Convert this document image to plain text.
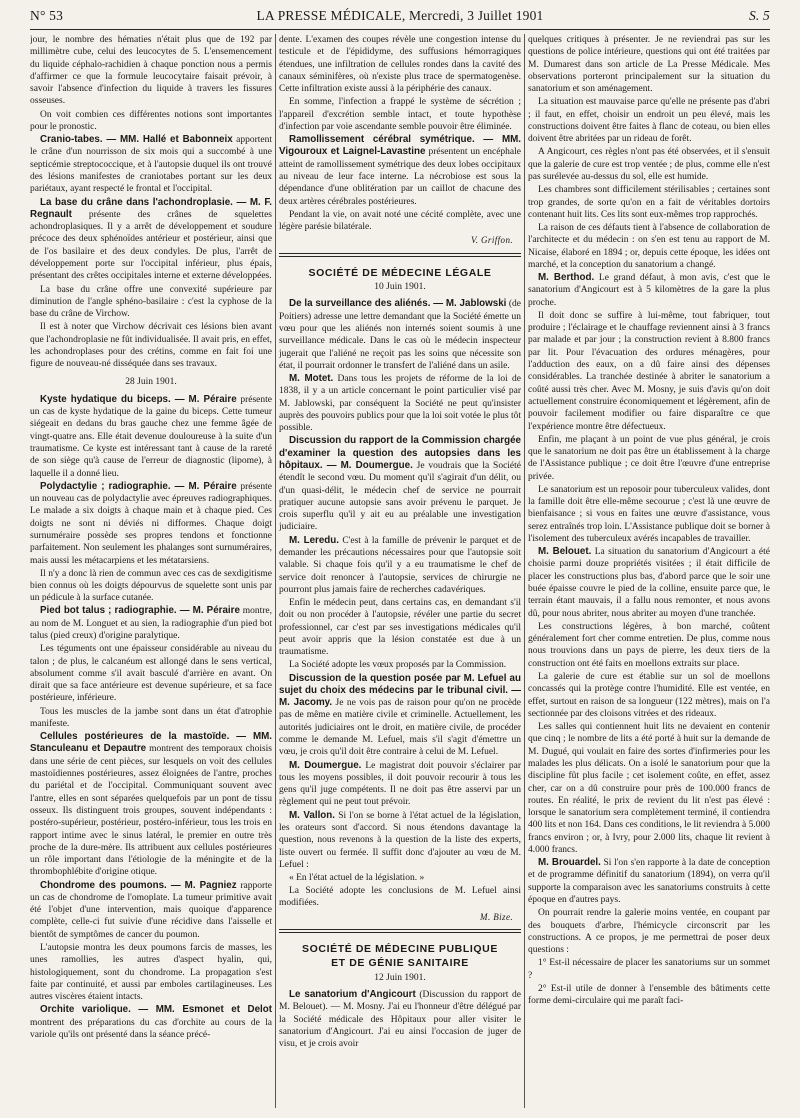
N° 53	LA PRESSE MÉDICALE, Mercredi, 3 Juillet 1901	S. 5

jour, le nombre des hématies n'était plus que de 192 par millimètre cube, celui des leucocytes de 5. L'ensemencement du liquide céphalo-rachidien à chaque ponction nous a permis d'affirmer ce que la formule leucocytaire faisait prévoir, à savoir l'absence d'infection du liquide à travers les fissures osseuses.

On voit combien ces différentes notions sont importantes pour le pronostic.

Cranio-tabes. — MM. Hallé et Babonneix apportent le crâne d'un nourrisson de six mois qui a succombé à une septicémie streptococcique, et à l'autopsie duquel ils ont trouvé des lésions manifestes de craniotabes portant sur les deux pariétaux, ayant respecté le frontal et l'occipital.

La base du crâne dans l'achondroplasie. — M. F. Regnault présente des crânes de squelettes achondroplasiques. Il y a arrêt de développement et soudure précoce des deux sphénoïdes antérieur et postérieur, ainsi que de l'os basilaire et des deux condyles. De plus, l'arrêt de développement porte sur l'occipital inférieur, plus épais, présentant des crêtes occipitales interne et externe développées.

La base du crâne offre une convexité supérieure par diminution de l'angle sphéno-basilaire : c'est la cyphose de la base du crâne de Virchow.

Il est à noter que Virchow décrivait ces lésions bien avant que l'achondroplasie ne fût individualisée. Il avait pris, en effet, les achondroplases pour des crétins, comme en fait foi une figure de nouveau-né disséquée dans ses travaux.

28 Juin 1901.

Kyste hydatique du biceps. — M. Péraire présente un cas de kyste hydatique de la gaine du biceps. Cette tumeur siégeait en dedans du bras gauche chez une femme âgée de vingt-quatre ans. Elle était devenue douloureuse à la suite d'un traumatisme. Ce kyste est intéressant tant à cause de la rareté de son siège qu'à cause de l'erreur de diagnostic (lipome), à laquelle il a donné lieu.

Polydactylie ; radiographie. — M. Péraire présente un nouveau cas de polydactylie avec épreuves radiographiques. Le malade a six doigts à chaque main et à chaque pied. Ces doigts ne sont ni déviés ni difformes. Chaque doigt surnuméraire possède ses propres tendons et fonctionne parfaitement. Non seulement les phalanges sont surnuméraires, mais aussi les métacarpiens et les métatarsiens.

Il n'y a donc là rien de commun avec ces cas de sexdigitisme bien connus où les doigts dépourvus de squelette sont unis par un pédicule à la surface cutanée.

Pied bot talus ; radiographie. — M. Péraire montre, au nom de M. Longuet et au sien, la radiographie d'un pied bot talus (pied creux) d'origine paralytique.

Les téguments ont une épaisseur considérable au niveau du talon ; de plus, le calcanéum est allongé dans le sens vertical, absolument comme s'il avait basculé d'arrière en avant. On dirait que sa face antérieure est devenue supérieure, et sa face postérieure, inférieure.

Tous les muscles de la jambe sont dans un état d'atrophie manifeste.

Cellules postérieures de la mastoïde. — MM. Stanculeanu et Depautre montrent des temporaux choisis dans une série de cent pièces, sur lesquels on voit des cellules mastoïdiennes postérieures, assez éloignées de l'antre, proches du pariétal et de l'occipital. Communiquant souvent avec l'antre, elles en sont séparées quelquefois par un pont de tissu osseux. Ils distinguent trois groupes, souvent indépendants : postéro-supérieur, postérieur, postéro-inférieur, tous les trois en rapport intime avec le sinus latéral, le premier en outre très proche de la dure-mère. Ils attribuent aux cellules postérieures un rôle important dans l'étiologie de la méningite et de la thrombophlébite d'origine otique.

Chondrome des poumons. — M. Pagniez rapporte un cas de chondrome de l'omoplate. La tumeur primitive avait été l'objet d'une intervention, mais quoique d'apparence complète, celle-ci fut suivie d'une récidive dans l'aisselle et bientôt de symptômes de cancer du poumon.

L'autopsie montra les deux poumons farcis de masses, les unes ramollies, les autres d'aspect hyalin, qui, histologiquement, sont du chondrome. La propagation s'est faite par continuité, et aussi par emboles cartilagineuses. Les autres viscères étaient intacts.

Orchite variolique. — MM. Esmonet et Delot montrent des préparations du cas d'orchite au cours de la variole qu'ils ont présenté dans la séance précé-

dente. L'examen des coupes révèle une congestion intense du testicule et de l'épididyme, des suffusions hémorragiques étendues, une infiltration de cellules rondes dans la cavité des canaux séminifères, où n'existe plus trace de spermatogenèse. Cette infiltration existe aussi à la périphérie des canaux.

En somme, l'infection a frappé le système de sécrétion ; l'appareil d'excrétion semble intact, et toute hypothèse d'infection par voie ascendante semble pouvoir être éliminée.

Ramollissement cérébral symétrique. — MM. Vigouroux et Laignel-Lavastine présentent un encéphale atteint de ramollissement symétrique des deux lobes occipitaux au niveau de leur face interne. La nécrobiose est sous la dépendance d'une oblitération par un caillot de chacune des deux artères cérébrales postérieures.

Pendant la vie, on avait noté une cécité complète, avec une légère parésie bilatérale.

V. Griffon.
SOCIÉTÉ DE MÉDECINE LÉGALE
10 Juin 1901.

De la surveillance des aliénés. — M. Jablowski (de Poitiers) adresse une lettre demandant que la Société émette un vœu pour que les aliénés non internés soient soumis à une surveillance médicale. Dans le cas où le médecin inspecteur jugerait que l'aliéné ne reçoit pas les soins que nécessite son état, il pourrait ordonner le transfert de l'aliéné dans un asile.

M. Motet. Dans tous les projets de réforme de la loi de 1838, il y a un article concernant le point particulier visé par M. Jablowski, par conséquent la Société ne peut qu'insister auprès des pouvoirs publics pour que la loi soit votée le plus tôt possible.

Discussion du rapport de la Commission chargée d'examiner la question des autopsies dans les hôpitaux. — M. Doumergue. Je voudrais que la Société étendît le second vœu. Du moment qu'il s'agirait d'un délit, ou d'un quasi-délit, le médecin chef de service ne pourrait pratiquer aucune autopsie sans avoir prévenu le parquet. Je crois superflu qu'il y ait eu au préalable une investigation judiciaire.

M. Leredu. C'est à la famille de prévenir le parquet et de demander les précautions nécessaires pour que l'autopsie soit valable. Si chaque fois qu'il y a eu traumatisme le chef de service doit renoncer à l'autopsie, services de chirurgie ne pourront plus jamais faire de recherches cadavériques.

Enfin le médecin peut, dans certains cas, en demandant s'il doit ou non procéder à l'autopsie, révéler une partie du secret professionnel, car c'est par ses investigations médicales qu'il peut avoir appris que la lésion constatée est due à un traumatisme.

La Société adopte les vœux proposés par la Commission.

Discussion de la question posée par M. Lefuel au sujet du choix des médecins par le tribunal civil. — M. Jacomy. Je ne vois pas de raison pour qu'on ne procède pas de même en matière civile et criminelle. Actuellement, les autorités judiciaires ont le droit, en matière civile, de procéder comme le demande M. Lefuel, mais s'il s'agit d'émettre un vœu, je crois qu'il doit être contraire à celui de M. Lefuel.

M. Doumergue. Le magistrat doit pouvoir s'éclairer par tous les moyens possibles, il doit pouvoir recourir à tous les gens qu'il juge compétents. Il ne doit pas être asservi par un règlement qui ne peut tout prévoir.

M. Vallon. Si l'on se borne à l'état actuel de la législation, les orateurs sont d'accord. Si nous étendons davantage la question, nous revenons à la question de la liste des experts, liste ouvert ou fermée. Il suffit donc d'ajouter au vœu de M. Lefuel :

« En l'état actuel de la législation. »

La Société adopte les conclusions de M. Lefuel ainsi modifiées.

M. Bize.
SOCIÉTÉ DE MÉDECINE PUBLIQUE
ET DE GÉNIE SANITAIRE
12 Juin 1901.

Le sanatorium d'Angicourt (Discussion du rapport de M. Belouet). — M. Mosny. J'ai eu l'honneur d'être délégué par la Société médicale des Hôpitaux pour aller visiter le sanatorium d'Angicourt. J'ai eu ainsi l'occasion de juger de visu, et je crois avoir

quelques critiques à présenter. Je ne reviendrai pas sur les questions de police intérieure, questions qui ont été traitées par M. Dumarest dans son article de La Presse Médicale. Mes observations porteront principalement sur la situation du sanatorium et son aménagement.

La situation est mauvaise parce qu'elle ne présente pas d'abri ; il faut, en effet, choisir un endroit un peu élevé, mais les constructions doivent être faites à flanc de coteau, ou bien elles doivent être abritées par un rideau de forêt.

A Angicourt, ces règles n'ont pas été observées, et il s'ensuit que la galerie de cure est trop ventée ; de plus, comme elle n'est pas surélevée au-dessus du sol, elle est humide.

Les chambres sont difficilement stérilisables ; certaines sont trop grandes, de sorte qu'on en a fait de véritables dortoirs contenant huit lits. Ces lits sont eux-mêmes trop rapprochés.

La raison de ces défauts tient à l'absence de collaboration de l'architecte et du médecin : on s'en est tenu au rapport de M. Nicaise, élaboré en 1894 ; or, depuis cette époque, les idées ont marché, et la conception du sanatorium a changé.

M. Berthod. Le grand défaut, à mon avis, c'est que le sanatorium d'Angicourt est à 5 kilomètres de la gare la plus proche.

Il doit donc se suffire à lui-même, tout fabriquer, tout produire ; l'éclairage et le chauffage reviennent ainsi à 3 francs par malade et par jour ; la construction revient à 8.800 francs par lit. Pour l'évacuation des ordures ménagères, pour l'adduction des eaux, on a dû faire ainsi des dépenses considérables. La tranchée destinée à abriter le sanatorium a coûté aussi très cher. Avec M. Mosny, je suis d'avis qu'on doit actuellement construire économiquement et légèrement, afin de pouvoir facilement modifier ou faire disparaître ce que l'expérience montre être défectueux.

Enfin, me plaçant à un point de vue plus général, je crois que le sanatorium ne doit pas être un établissement à la charge de l'Assistance publique ; ce doit être l'œuvre d'une entreprise privée.

Le sanatorium est un reposoir pour tuberculeux valides, dont la famille doit être elle-même secourue ; c'est là une œuvre de bienfaisance ; si vous en faites une œuvre d'assistance, vous serez entraînés trop loin. L'Assistance publique doit se borner à l'isolement des tuberculeux avérés incapables de travailler.

M. Belouet. La situation du sanatorium d'Angicourt a été choisie parmi douze propriétés visitées ; il était difficile de placer les constructions plus bas, d'abord parce que le soir une buée épaisse couvre le pied de la colline, ensuite parce que, le terrain étant mauvais, il a fallu nous remonter, et nous avons dû, pour nous abriter, nous abriter au moyen d'une tranchée.

Les constructions légères, à bon marché, coûtent généralement fort cher comme entretien. De plus, comme nous nous trouvions dans un pays de pierre, les deux tiers de la construction ont été faits en moellons extraits sur place.

La galerie de cure est établie sur un sol de moellons concassés qui la protège contre l'humidité. Elle est ventée, en effet, surtout en raison de sa longueur (122 mètres), mais on l'a sectionnée par des cloisons vitrées et des rideaux.

Les salles qui contiennent huit lits ne devaient en contenir que cinq ; le nombre de lits a été porté à huit sur la demande de M. Dugué, qui voulait en faire des sortes d'infirmeries pour les malades les plus délicats. On a isolé le sanatorium pour que la discipline fût plus facile ; cet isolement coûte, en effet, assez cher, car on a dû construire pour près de 100.000 francs de routes. En réalité, le prix de revient du lit n'est pas élevé : lorsque le sanatorium sera complètement terminé, il contiendra 400 lits et non 164. Dans ces conditions, le lit reviendra à 5.000 francs environ ; or, à Ivry, pour 2.000 lits, chaque lit revient à 4.000 francs.

M. Brouardel. Si l'on s'en rapporte à la date de conception et de programme définitif du sanatorium (1894), on verra qu'il supporte la comparaison avec les sanatoriums construits à cette époque en d'autres pays.

On pourrait rendre la galerie moins ventée, en coupant par des bouquets d'arbre, l'hémicycle circonscrit par les constructions. A ce propos, je me permettrai de poser deux questions :

1° Est-il nécessaire de placer les sanatoriums sur un sommet ?

2° Est-il utile de donner à l'ensemble des bâtiments cette forme demi-circulaire qui me paraît faci-
